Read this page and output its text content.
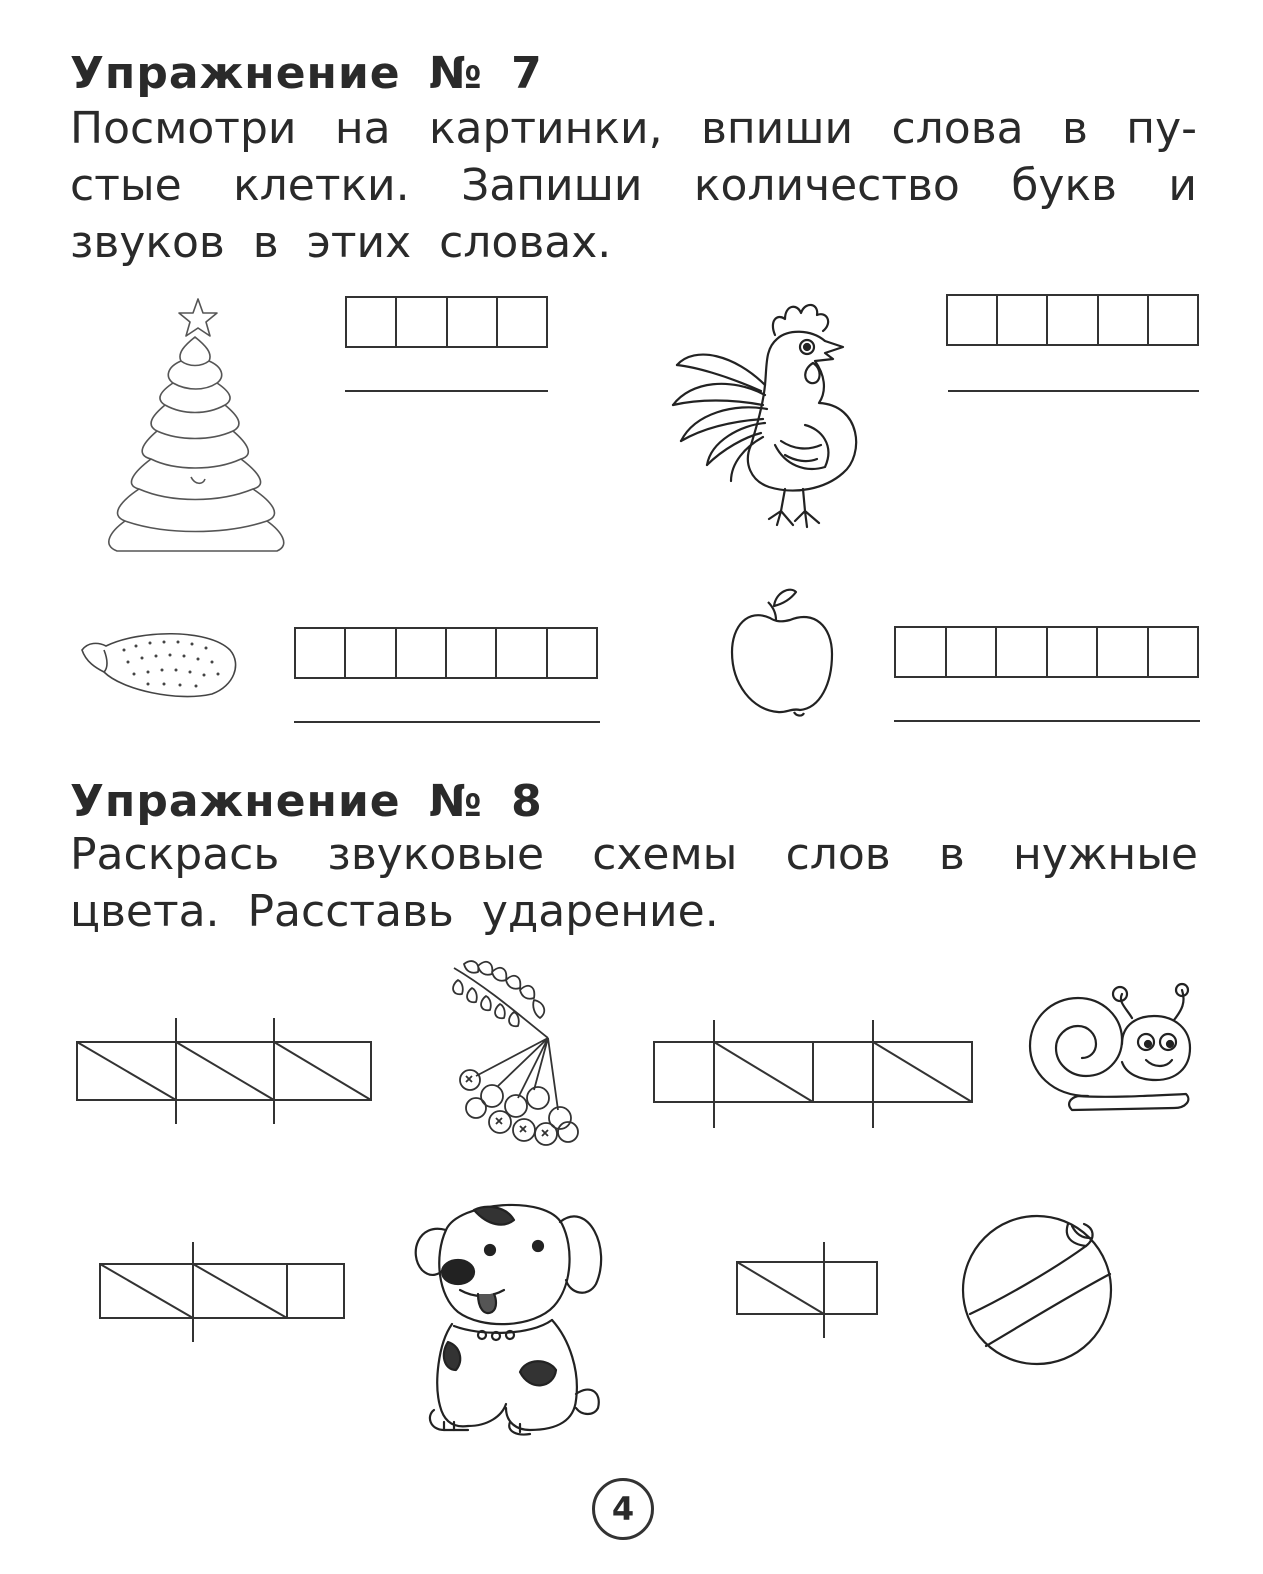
Упражнение № 7
Посмотри на картинки, впиши слова в пу-
стые клетки. Запиши количество букв и
звуков в этих словах.
Упражнение № 8
Раскрась звуковые схемы слов в нужные
цвета. Расставь ударение.
4
